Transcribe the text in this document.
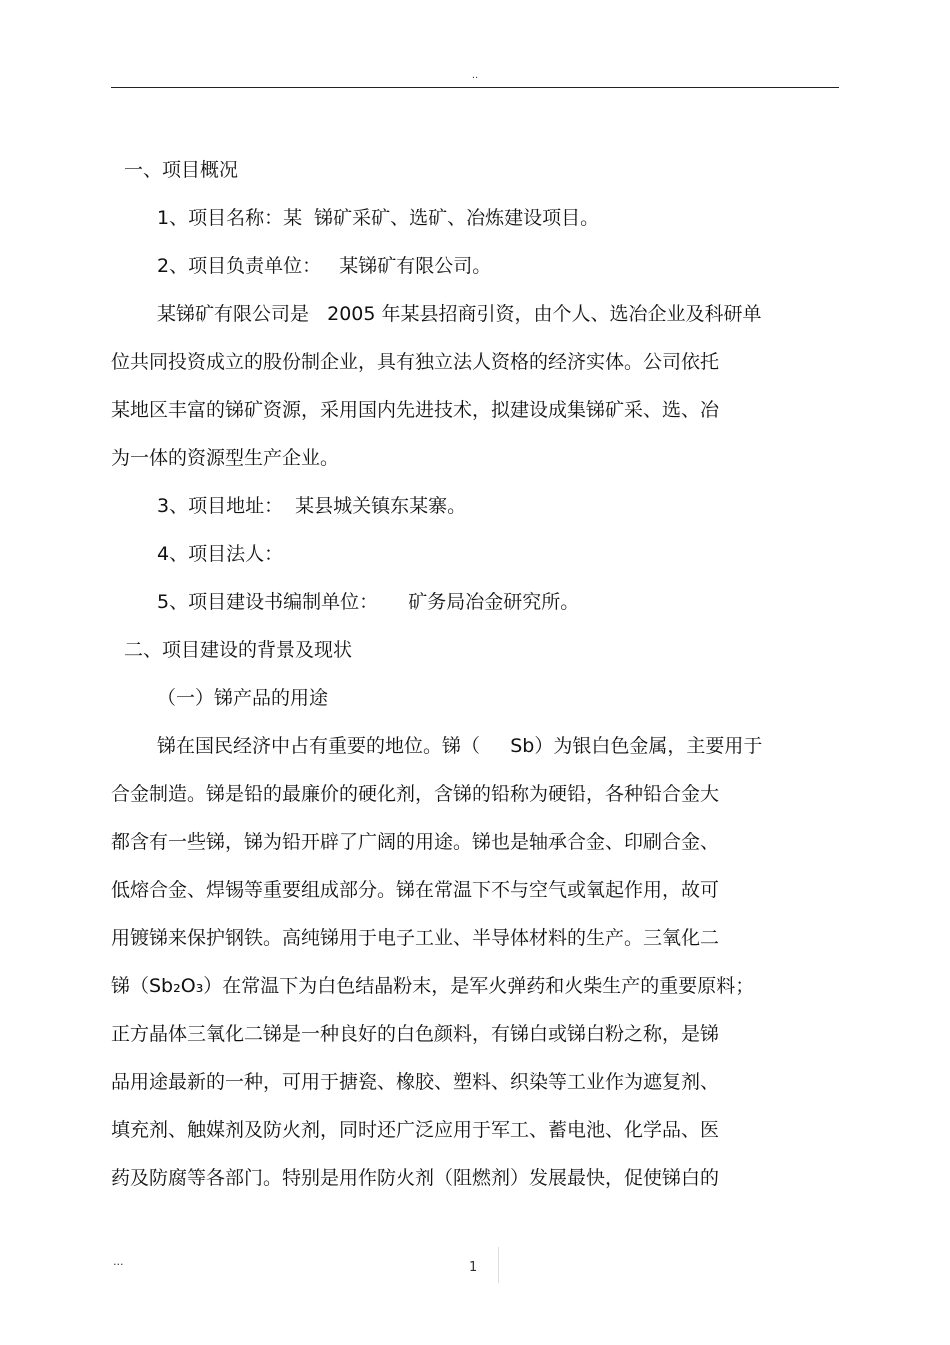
..
一、项目概况
1、项目名称：某  锑矿采矿、选矿、冶炼建设项目。
2、项目负责单位：   某锑矿有限公司。
某锑矿有限公司是   2005 年某县招商引资，由个人、选冶企业及科研单
位共同投资成立的股份制企业，具有独立法人资格的经济实体。公司依托
某地区丰富的锑矿资源，采用国内先进技术，拟建设成集锑矿采、选、冶
为一体的资源型生产企业。
3、项目地址：  某县城关镇东某寨。
4、项目法人：
5、项目建设书编制单位：     矿务局冶金研究所。
二、项目建设的背景及现状
（一）锑产品的用途
锑在国民经济中占有重要的地位。锑（     Sb）为银白色金属，主要用于
合金制造。锑是铅的最廉价的硬化剂，含锑的铅称为硬铅，各种铅合金大
都含有一些锑，锑为铅开辟了广阔的用途。锑也是轴承合金、印刷合金、
低熔合金、焊锡等重要组成部分。锑在常温下不与空气或氧起作用，故可
用镀锑来保护钢铁。高纯锑用于电子工业、半导体材料的生产。三氧化二
锑（Sb₂O₃）在常温下为白色结晶粉末，是军火弹药和火柴生产的重要原料；
正方晶体三氧化二锑是一种良好的白色颜料，有锑白或锑白粉之称，是锑
品用途最新的一种，可用于搪瓷、橡胶、塑料、织染等工业作为遮复剂、
填充剂、触媒剂及防火剂，同时还广泛应用于军工、蓄电池、化学品、医
药及防腐等各部门。特别是用作防火剂（阻燃剂）发展最快，促使锑白的
...	1
